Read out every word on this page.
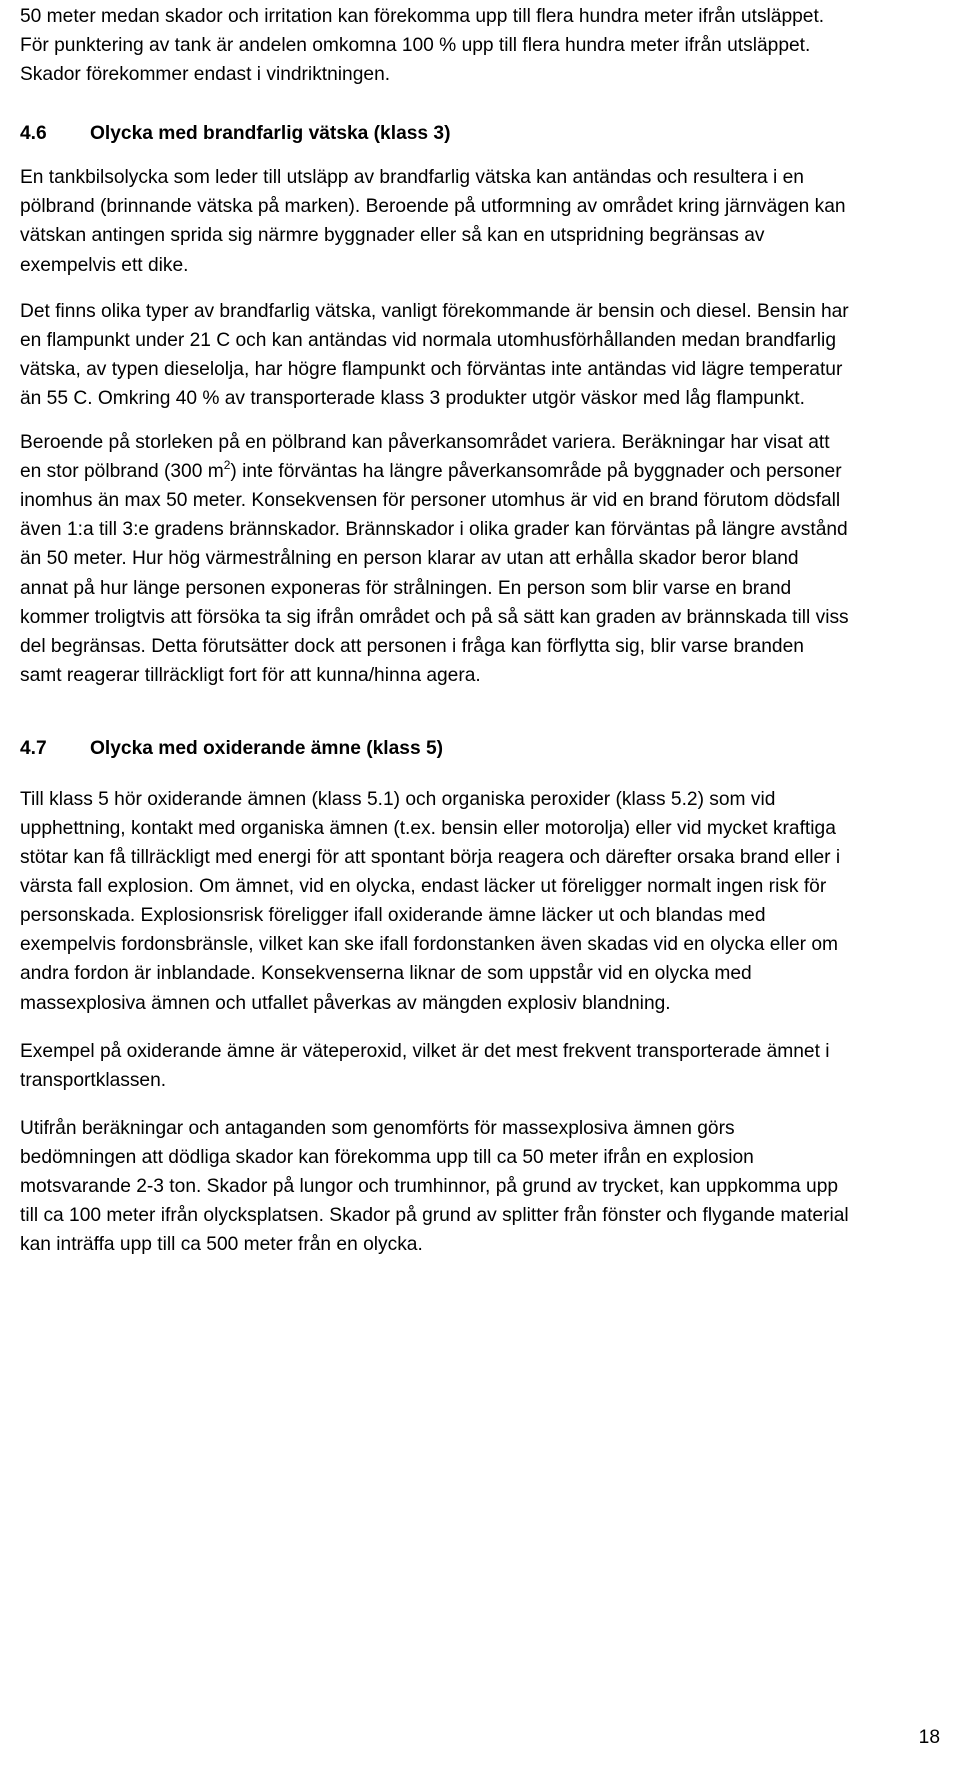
50 meter medan skador och irritation kan förekomma upp till flera hundra meter ifrån utsläppet. För punktering av tank är andelen omkomna 100 % upp till flera hundra meter ifrån utsläppet. Skador förekommer endast i vindriktningen.

4.6 Olycka med brandfarlig vätska (klass 3)

En tankbilsolycka som leder till utsläpp av brandfarlig vätska kan antändas och resultera i en pölbrand (brinnande vätska på marken). Beroende på utformning av området kring järnvägen kan vätskan antingen sprida sig närmre byggnader eller så kan en utspridning begränsas av exempelvis ett dike.

Det finns olika typer av brandfarlig vätska, vanligt förekommande är bensin och diesel. Bensin har en flampunkt under 21 C och kan antändas vid normala utomhusförhållanden medan brandfarlig vätska, av typen dieselolja, har högre flampunkt och förväntas inte antändas vid lägre temperatur än 55 C. Omkring 40 % av transporterade klass 3 produkter utgör väskor med låg flampunkt.

Beroende på storleken på en pölbrand kan påverkansområdet variera. Beräkningar har visat att en stor pölbrand (300 $m^2$) inte förväntas ha längre påverkansområde på byggnader och personer inomhus än max 50 meter. Konsekvensen för personer utomhus är vid en brand förutom dödsfall även 1:a till 3:e gradens brännskador. Brännskador i olika grader kan förväntas på längre avstånd än 50 meter. Hur hög värmestrålning en person klarar av utan att erhålla skador beror bland annat på hur länge personen exponeras för strålningen. En person som blir varse en brand kommer troligtvis att försöka ta sig ifrån området och på så sätt kan graden av brännskada till viss del begränsas. Detta förutsätter dock att personen i fråga kan förflytta sig, blir varse branden samt reagerar tillräckligt fort för att kunna/hinna agera.

4.7 Olycka med oxiderande ämne (klass 5)

Till klass 5 hör oxiderande ämnen (klass 5.1) och organiska peroxider (klass 5.2) som vid upphettning, kontakt med organiska ämnen (t.ex. bensin eller motorolja) eller vid mycket kraftiga stötar kan få tillräckligt med energi för att spontant börja reagera och därefter orsaka brand eller i värsta fall explosion. Om ämnet, vid en olycka, endast läcker ut föreligger normalt ingen risk för personskada. Explosionsrisk föreligger ifall oxiderande ämne läcker ut och blandas med exempelvis fordonsbränsle, vilket kan ske ifall fordonstanken även skadas vid en olycka eller om andra fordon är inblandade. Konsekvenserna liknar de som uppstår vid en olycka med massexplosiva ämnen och utfallet påverkas av mängden explosiv blandning.

Exempel på oxiderande ämne är väteperoxid, vilket är det mest frekvent transporterade ämnet i transportklassen.

Utifrån beräkningar och antaganden som genomförts för massexplosiva ämnen görs bedömningen att dödliga skador kan förekomma upp till ca 50 meter ifrån en explosion motsvarande 2-3 ton. Skador på lungor och trumhinnor, på grund av trycket, kan uppkomma upp till ca 100 meter ifrån olycksplatsen. Skador på grund av splitter från fönster och flygande material kan inträffa upp till ca 500 meter från en olycka.

18
